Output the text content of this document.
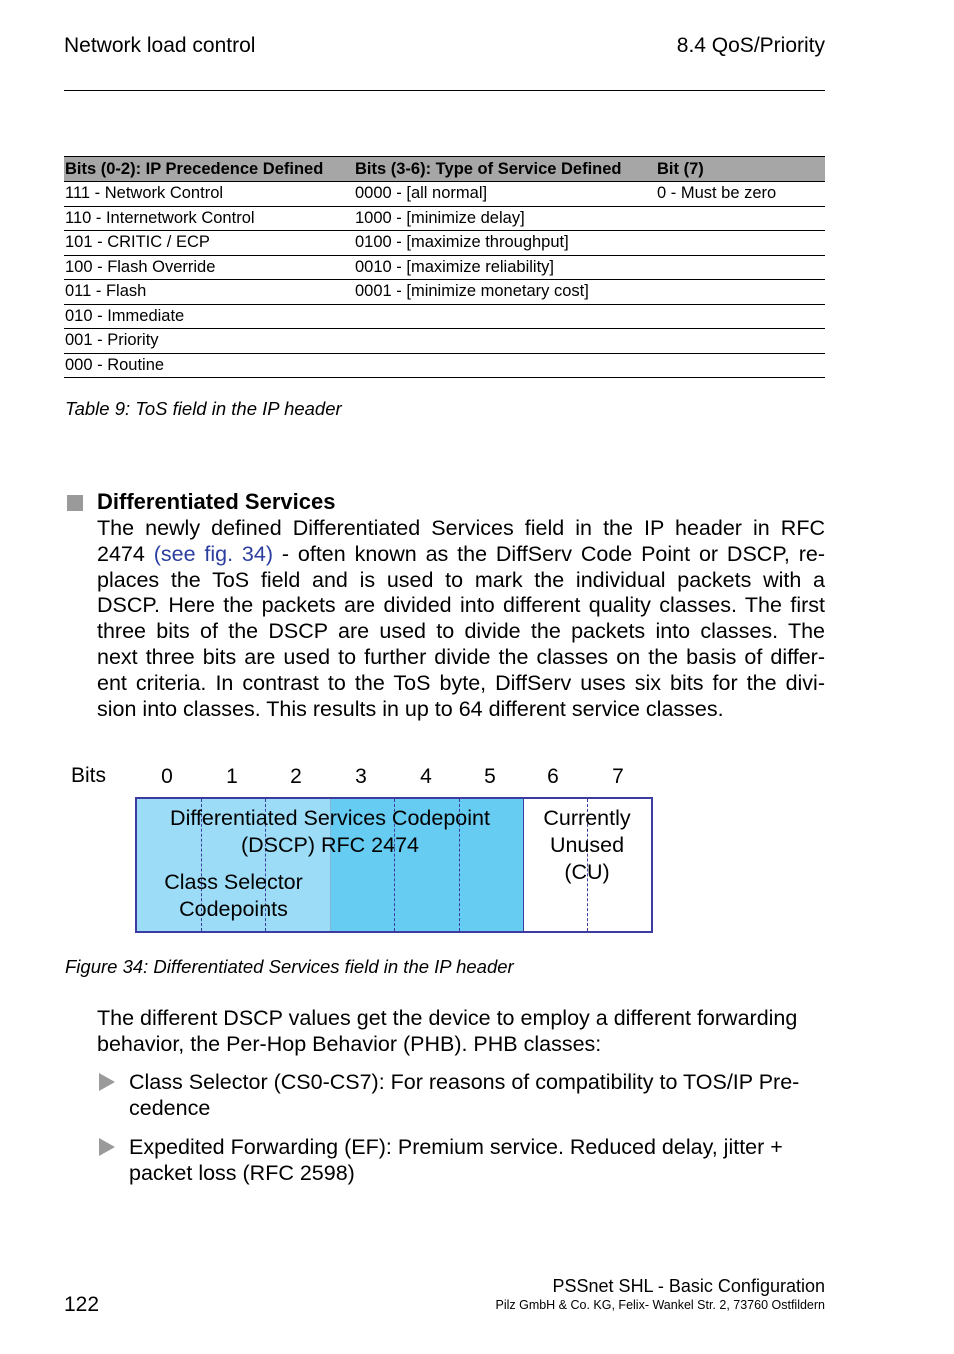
Network load control	8.4 QoS/Priority
Bits (0-2): IP Precedence Defined	Bits (3-6): Type of Service Defined	Bit (7)
111 - Network Control	0000 - [all normal]	0 - Must be zero
110 - Internetwork Control	1000 - [minimize delay]	
101 - CRITIC / ECP	0100 - [maximize throughput]	
100 - Flash Override	0010 - [maximize reliability]	
011 - Flash	0001 - [minimize monetary cost]	
010 - Immediate		
001 - Priority		
000 - Routine		
Table 9: ToS field in the IP header
Differentiated Services
The newly defined Differentiated Services field in the IP header in RFC
2474 (see fig. 34) - often known as the DiffServ Code Point or DSCP, re-
places the ToS field and is used to mark the individual packets with a
DSCP. Here the packets are divided into different quality classes. The first
three bits of the DSCP are used to divide the packets into classes. The
next three bits are used to further divide the classes on the basis of differ-
ent criteria. In contrast to the ToS byte, DiffServ uses six bits for the divi-
sion into classes. This results in up to 64 different service classes.
Bits	0	1	2	3	4	5	6	7
Differentiated Services Codepoint
(DSCP) RFC 2474
Class Selector
Codepoints
Currently
Unused
(CU)
Figure 34: Differentiated Services field in the IP header
The different DSCP values get the device to employ a different forwarding
behavior, the Per-Hop Behavior (PHB). PHB classes:
Class Selector (CS0-CS7): For reasons of compatibility to TOS/IP Pre-
cedence
Expedited Forwarding (EF): Premium service. Reduced delay, jitter +
packet loss (RFC 2598)
122
PSSnet SHL - Basic Configuration
Pilz GmbH & Co. KG, Felix- Wankel Str. 2, 73760 Ostfildern
